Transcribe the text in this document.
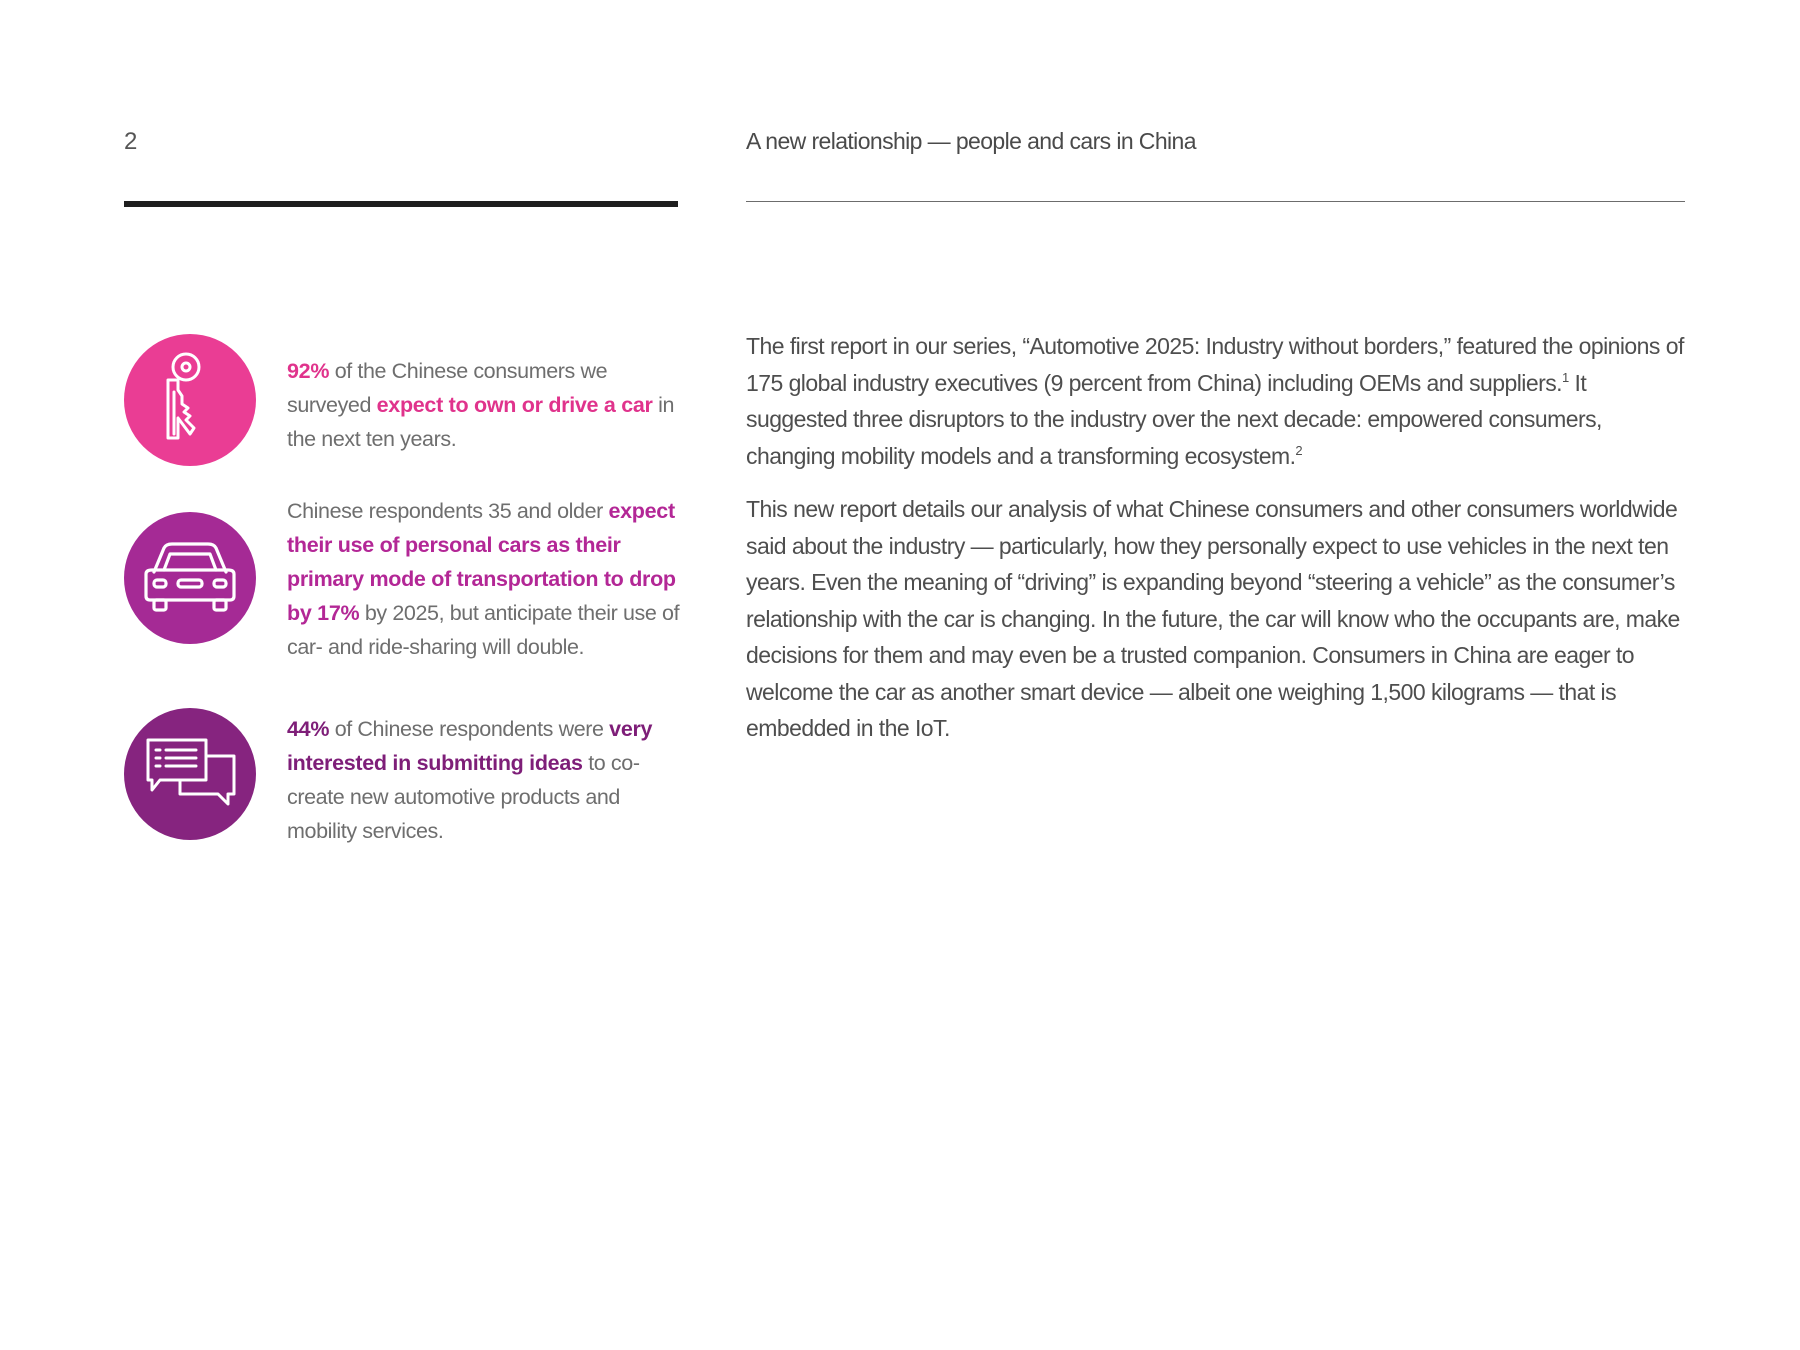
2	A new relationship — people and cars in China
92% of the Chinese consumers we surveyed expect to own or drive a car in the next ten years.
Chinese respondents 35 and older expect their use of personal cars as their primary mode of transportation to drop by 17% by 2025, but anticipate their use of car- and ride-sharing will double.
44% of Chinese respondents were very interested in submitting ideas to co-create new automotive products and mobility services.

The first report in our series, “Automotive 2025: Industry without borders,” featured the opinions of 175 global industry executives (9 percent from China) including OEMs and suppliers.$^1$ It suggested three disruptors to the industry over the next decade: empowered consumers, changing mobility models and a transforming ecosystem.$^2$

This new report details our analysis of what Chinese consumers and other consumers worldwide said about the industry — particularly, how they personally expect to use vehicles in the next ten years. Even the meaning of “driving” is expanding beyond “steering a vehicle” as the consumer’s relationship with the car is changing. In the future, the car will know who the occupants are, make decisions for them and may even be a trusted companion. Consumers in China are eager to welcome the car as another smart device — albeit one weighing 1,500 kilograms — that is embedded in the IoT.
